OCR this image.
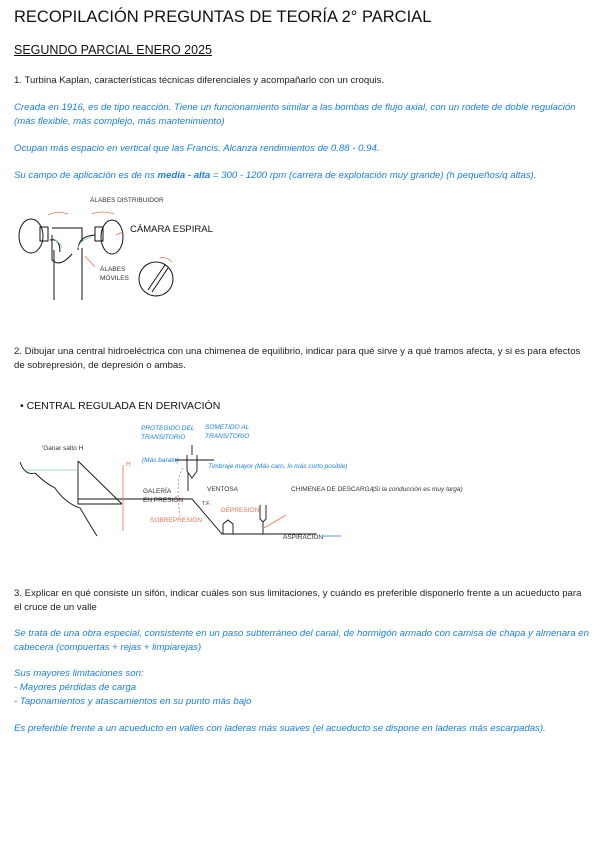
RECOPILACIÓN PREGUNTAS DE TEORÍA 2° PARCIAL
SEGUNDO PARCIAL ENERO 2025
1. Turbina Kaplan, características técnicas diferenciales y acompañarlo con un croquis.
Creada en 1916, es de tipo reacción. Tiene un funcionamiento similar a las bombas de flujo axial, con un rodete de doble regulación (más flexible, más complejo, más mantenimiento)
Ocupan más espacio en vertical que las Francis. Alcanza rendimientos de 0.88 - 0.94.
Su campo de aplicación es de ns media - alta = 300 - 1200 rpm (carrera de explotación muy grande) (h pequeños/q altas).
ÁLABES DISTRIBUIDOR
CÁMARA ESPIRAL
ÁLABES
MÓVILES
2. Dibujar una central hidroeléctrica con una chimenea de equilibrio, indicar para qué sirve y a qué tramos afecta, y si es para efectos de sobrepresión, de depresión o ambas.
• CENTRAL REGULADA EN DERIVACIÓN
PROTEGIDO DEL
TRANSITORIO
SOMETIDO AL
TRANSITORIO
(Más barato)
Timbraje mayor (Más caro, lo más corto posible)
'Ganar salto H
GALERÍA
EN PRESIÓN
VENTOSA
T.F.
CHIMENEA DE DESCARGA
(Si la conducción es muy larga)
ASPIRACIÓN
H
DEPRESIÓN
SOBREPRESIÓN
3. Explicar en qué consiste un sifón, indicar cuáles son sus limitaciones, y cuándo es preferible disponerlo frente a un acueducto para el cruce de un valle
Se trata de una obra especial, consistente en un paso subterráneo del canal, de hormigón armado con camisa de chapa y almenara en cabecera (compuertas + rejas + limpiarejas)
Sus mayores limitaciones son:
- Mayores pérdidas de carga
- Taponamientos y atascamientos en su punto más bajo
Es preferible frente a un acueducto en valles con laderas más suaves (el acueducto se dispone en laderas más escarpadas).
